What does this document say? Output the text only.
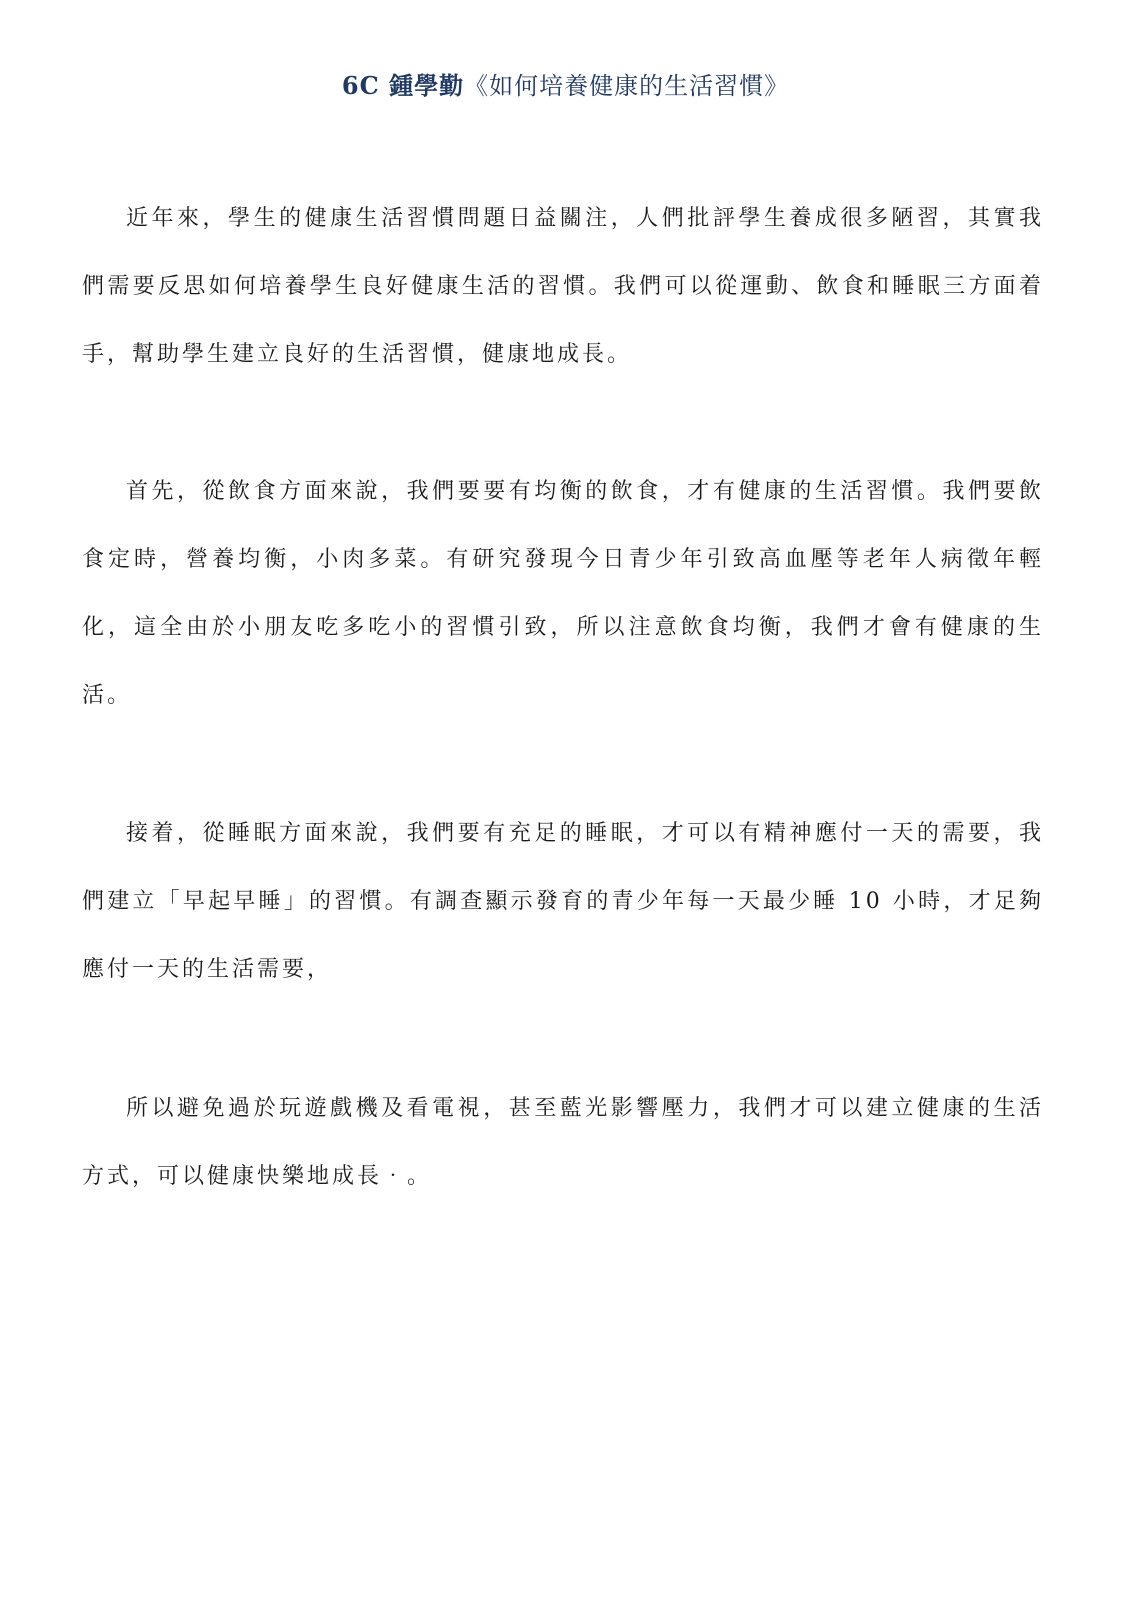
6C 鍾學勤《如何培養健康的生活習慣》

近年來，學生的健康生活習慣問題日益關注，人們批評學生養成很多陋習，其實我們需要反思如何培養學生良好健康生活的習慣。我們可以從運動、飲食和睡眠三方面着手，幫助學生建立良好的生活習慣，健康地成長。

首先，從飲食方面來說，我們要要有均衡的飲食，才有健康的生活習慣。我們要飲食定時，營養均衡，小肉多菜。有研究發現今日青少年引致高血壓等老年人病徵年輕化，這全由於小朋友吃多吃小的習慣引致，所以注意飲食均衡，我們才會有健康的生活。

接着，從睡眠方面來說，我們要有充足的睡眠，才可以有精神應付一天的需要，我們建立「早起早睡」的習慣。有調查顯示發育的青少年每一天最少睡 10 小時，才足夠應付一天的生活需要，

所以避免過於玩遊戲機及看電視，甚至藍光影響壓力，我們才可以建立健康的生活方式，可以健康快樂地成長‧。
